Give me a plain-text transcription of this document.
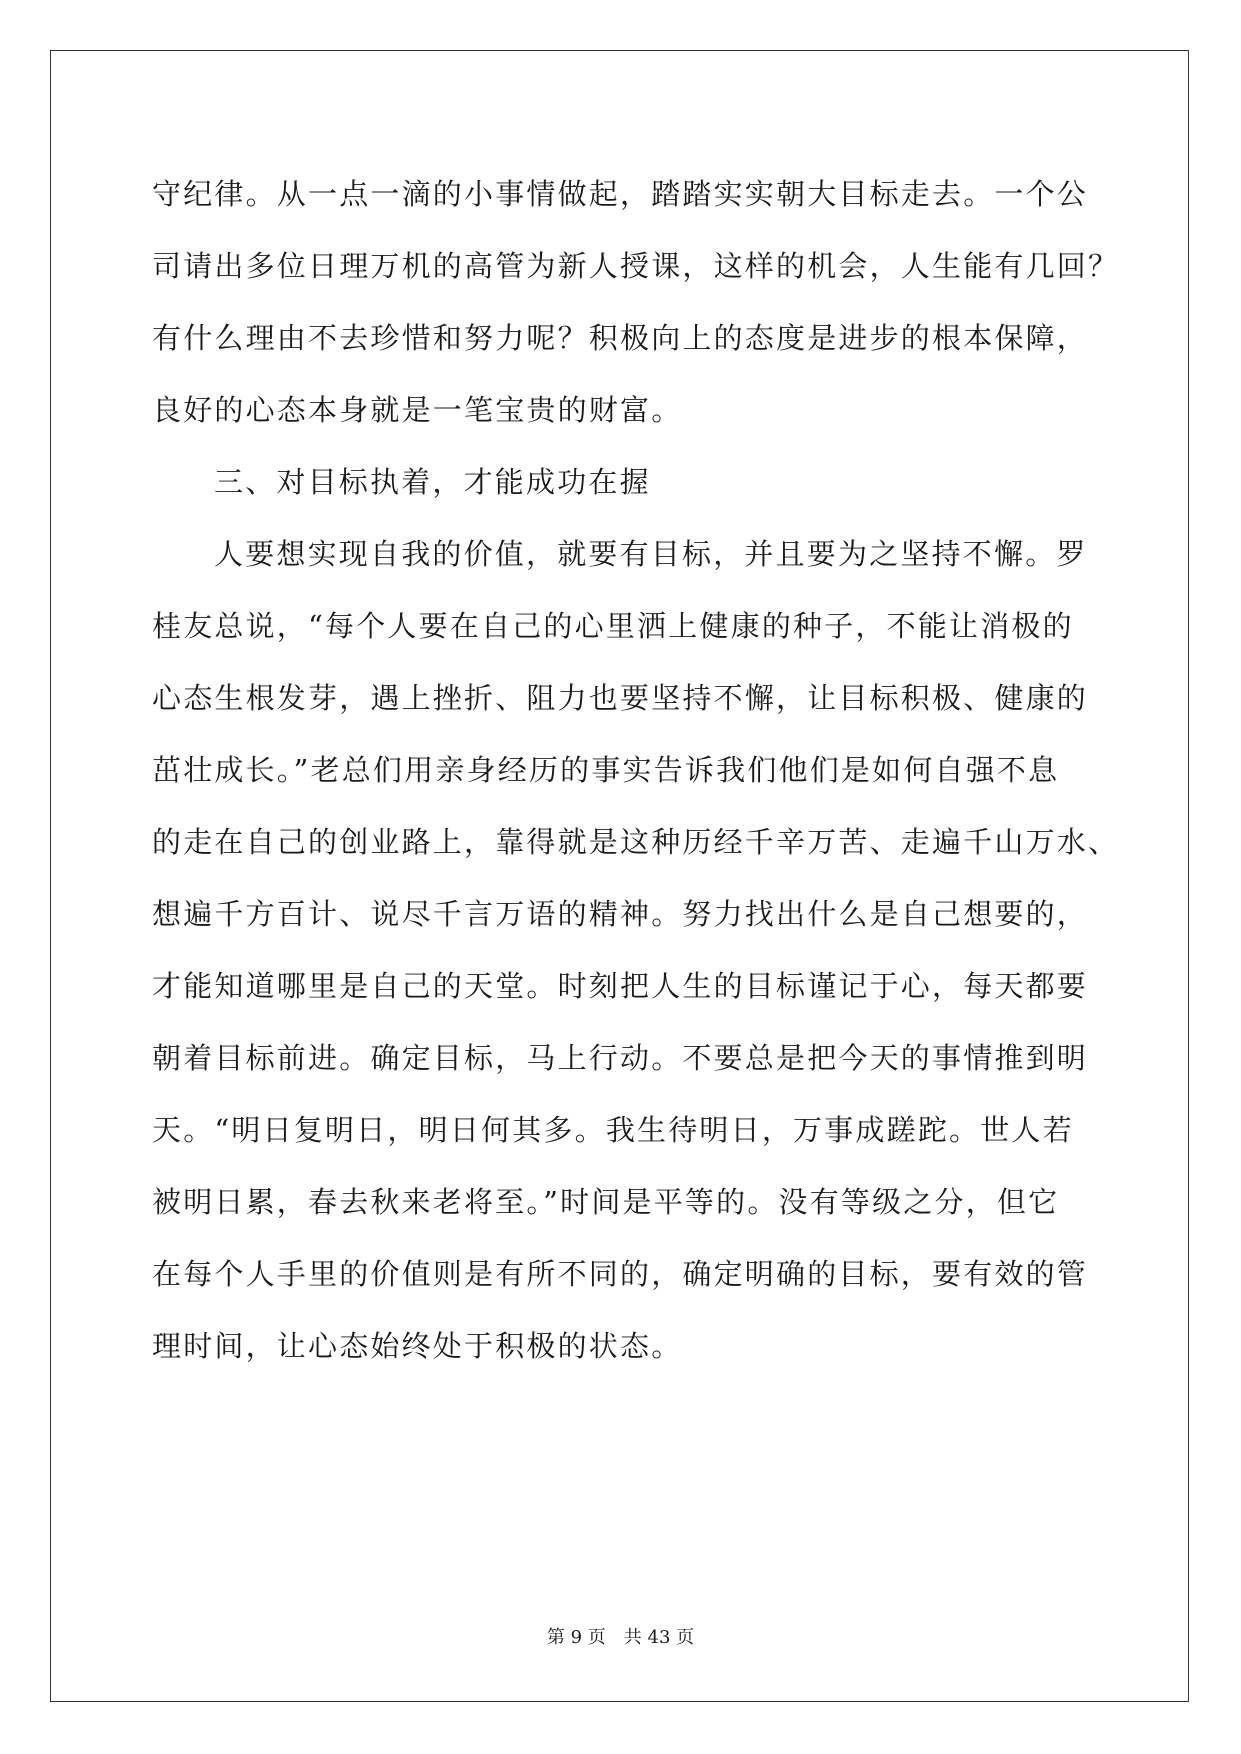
守纪律。从一点一滴的小事情做起，踏踏实实朝大目标走去。一个公

司请出多位日理万机的高管为新人授课，这样的机会，人生能有几回？

有什么理由不去珍惜和努力呢？积极向上的态度是进步的根本保障，

良好的心态本身就是一笔宝贵的财富。

三、对目标执着，才能成功在握

人要想实现自我的价值，就要有目标，并且要为之坚持不懈。罗

桂友总说，“每个人要在自己的心里洒上健康的种子，不能让消极的

心态生根发芽，遇上挫折、阻力也要坚持不懈，让目标积极、健康的

茁壮成长。”老总们用亲身经历的事实告诉我们他们是如何自强不息

的走在自己的创业路上，靠得就是这种历经千辛万苦、走遍千山万水、

想遍千方百计、说尽千言万语的精神。努力找出什么是自己想要的，

才能知道哪里是自己的天堂。时刻把人生的目标谨记于心，每天都要

朝着目标前进。确定目标，马上行动。不要总是把今天的事情推到明

天。“明日复明日，明日何其多。我生待明日，万事成蹉跎。世人若

被明日累，春去秋来老将至。”时间是平等的。没有等级之分，但它

在每个人手里的价值则是有所不同的，确定明确的目标，要有效的管

理时间，让心态始终处于积极的状态。

第 9 页　共 43 页
